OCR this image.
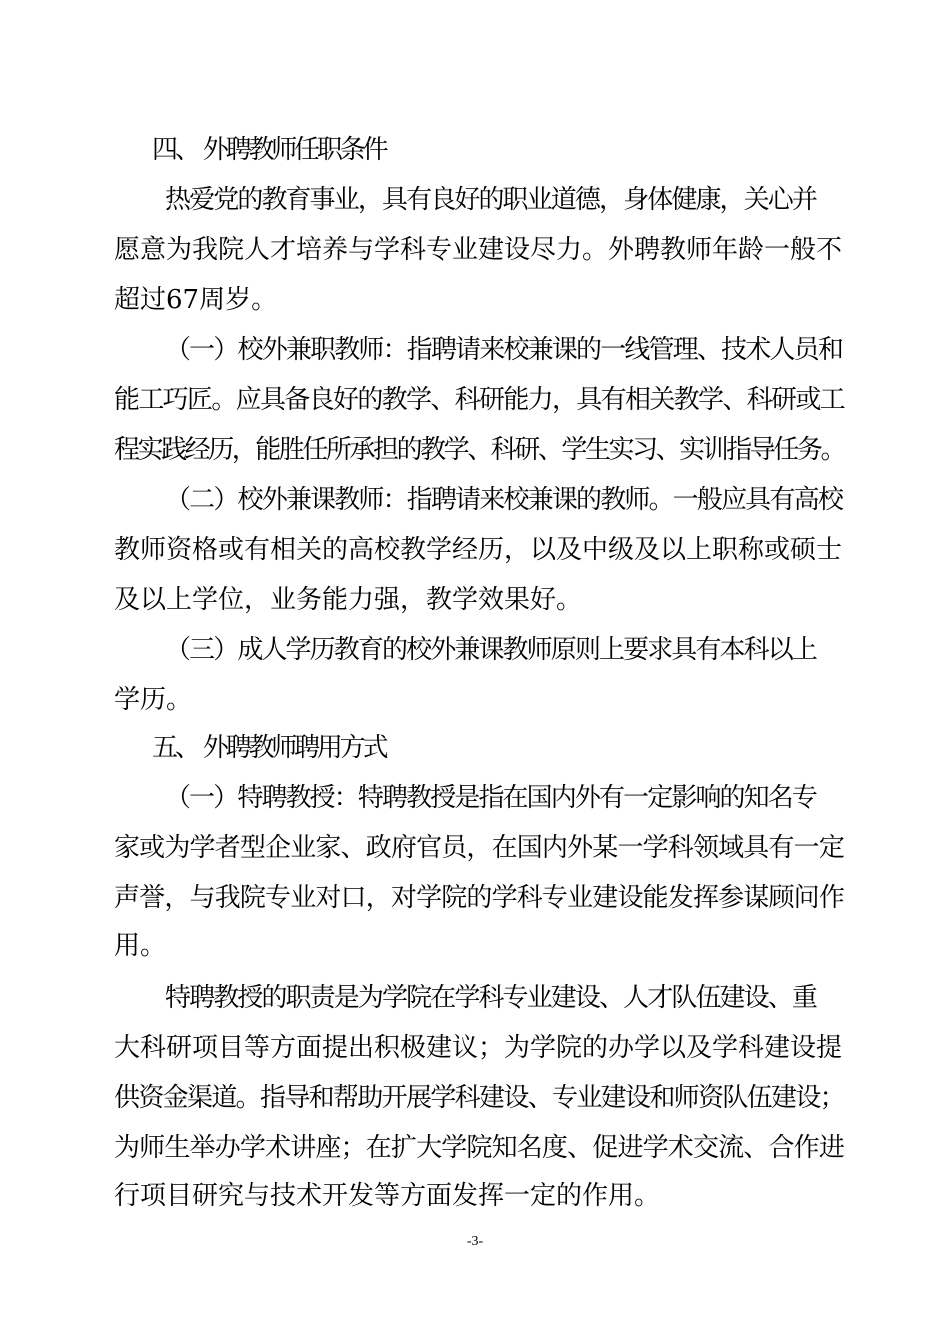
四、 外聘教师任职条件
热爱党的教育事业，具有良好的职业道德，身体健康，关心并
愿意为我院人才培养与学科专业建设尽力。外聘教师年龄一般不
超过67周岁。
（一）校外兼职教师：指聘请来校兼课的一线管理、技术人员和
能工巧匠。应具备良好的教学、科研能力，具有相关教学、科研或工
程实践经历，能胜任所承担的教学、科研、学生实习、实训指导任务。
（二）校外兼课教师：指聘请来校兼课的教师。一般应具有高校
教师资格或有相关的高校教学经历，以及中级及以上职称或硕士
及以上学位，业务能力强，教学效果好。
（三）成人学历教育的校外兼课教师原则上要求具有本科以上
学历。
五、 外聘教师聘用方式
（一）特聘教授：特聘教授是指在国内外有一定影响的知名专
家或为学者型企业家、政府官员，在国内外某一学科领域具有一定
声誉，与我院专业对口，对学院的学科专业建设能发挥参谋顾问作
用。
特聘教授的职责是为学院在学科专业建设、人才队伍建设、重
大科研项目等方面提出积极建议；为学院的办学以及学科建设提
供资金渠道。指导和帮助开展学科建设、专业建设和师资队伍建设；
为师生举办学术讲座；在扩大学院知名度、促进学术交流、合作进
行项目研究与技术开发等方面发挥一定的作用。
-3-
